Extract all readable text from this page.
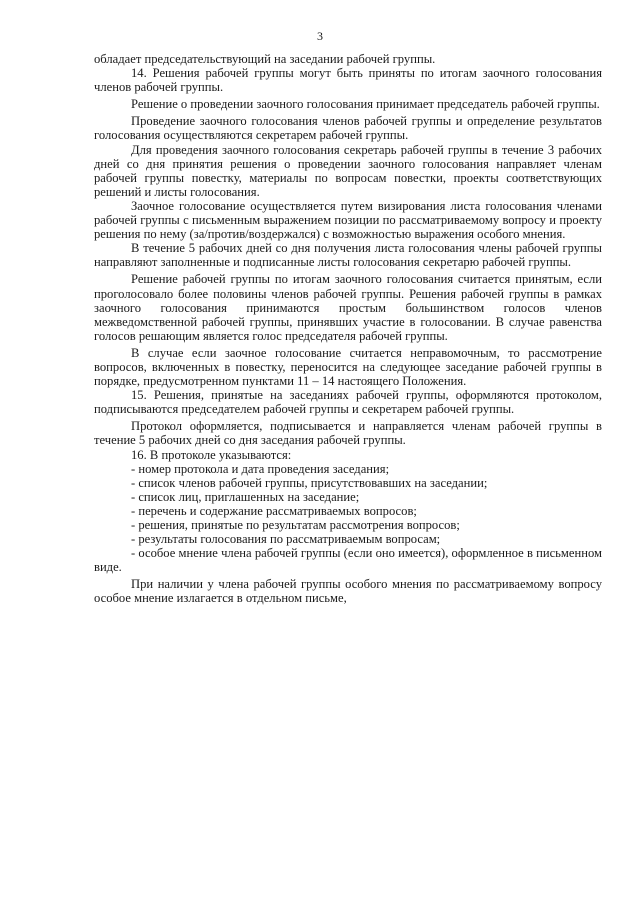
3

обладает председательствующий на заседании рабочей группы.

14. Решения рабочей группы могут быть приняты по итогам заочного голосования членов рабочей группы.

Решение о проведении заочного голосования принимает председатель рабочей группы.

Проведение заочного голосования членов рабочей группы и определение результатов голосования осуществляются секретарем рабочей группы.

Для проведения заочного голосования секретарь рабочей группы в течение 3 рабочих дней со дня принятия решения о проведении заочного голосования направляет членам рабочей группы повестку, материалы по вопросам повестки, проекты соответствующих решений и листы голосования.

Заочное голосование осуществляется путем визирования листа голосования членами рабочей группы с письменным выражением позиции по рассматриваемому вопросу и проекту решения по нему (за/против/воздержался) с возможностью выражения особого мнения.

В течение 5 рабочих дней со дня получения листа голосования члены рабочей группы направляют заполненные и подписанные листы голосования секретарю рабочей группы.

Решение рабочей группы по итогам заочного голосования считается принятым, если проголосовало более половины членов рабочей группы. Решения рабочей группы в рамках заочного голосования принимаются простым большинством голосов членов межведомственной рабочей группы, принявших участие в голосовании. В случае равенства голосов решающим является голос председателя рабочей группы.

В случае если заочное голосование считается неправомочным, то рассмотрение вопросов, включенных в повестку, переносится на следующее заседание рабочей группы в порядке, предусмотренном пунктами 11 – 14 настоящего Положения.

15. Решения, принятые на заседаниях рабочей группы, оформляются протоколом, подписываются председателем рабочей группы и секретарем рабочей группы.

Протокол оформляется, подписывается и направляется членам рабочей группы в течение 5 рабочих дней со дня заседания рабочей группы.

16. В протоколе указываются:

- номер протокола и дата проведения заседания;

- список членов рабочей группы, присутствовавших на заседании;

- список лиц, приглашенных на заседание;

- перечень и содержание рассматриваемых вопросов;

- решения, принятые по результатам рассмотрения вопросов;

- результаты голосования по рассматриваемым вопросам;

- особое мнение члена рабочей группы (если оно имеется), оформленное в письменном виде.

При наличии у члена рабочей группы особого мнения по рассматриваемому вопросу особое мнение излагается в отдельном письме,
